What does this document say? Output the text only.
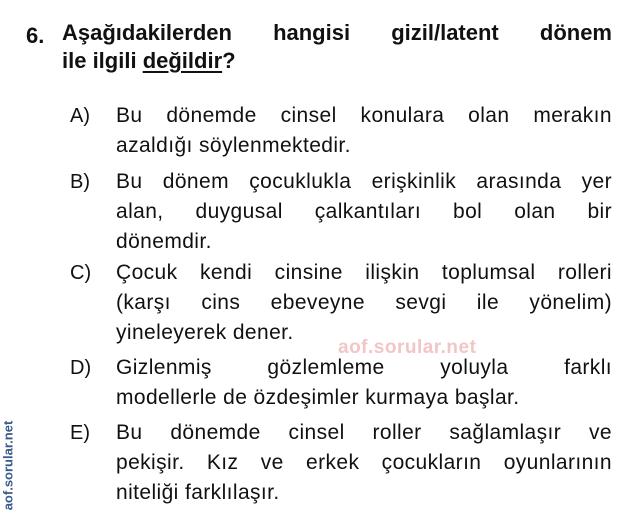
6. Aşağıdakilerden hangisi gizil/latent dönem
ile ilgili değildir?
A) Bu dönemde cinsel konulara olan merakın
azaldığı söylenmektedir.
B) Bu dönem çocuklukla erişkinlik arasında yer
alan, duygusal çalkantıları bol olan bir
dönemdir.
C) Çocuk kendi cinsine ilişkin toplumsal rolleri
(karşı cins ebeveyne sevgi ile yönelim)
yineleyerek dener.
D) Gizlenmiş gözlemleme yoluyla farklı
modellerle de özdeşimler kurmaya başlar.
E) Bu dönemde cinsel roller sağlamlaşır ve
pekişir. Kız ve erkek çocukların oyunlarının
niteliği farklılaşır.
aof.sorular.net
aof.sorular.net
